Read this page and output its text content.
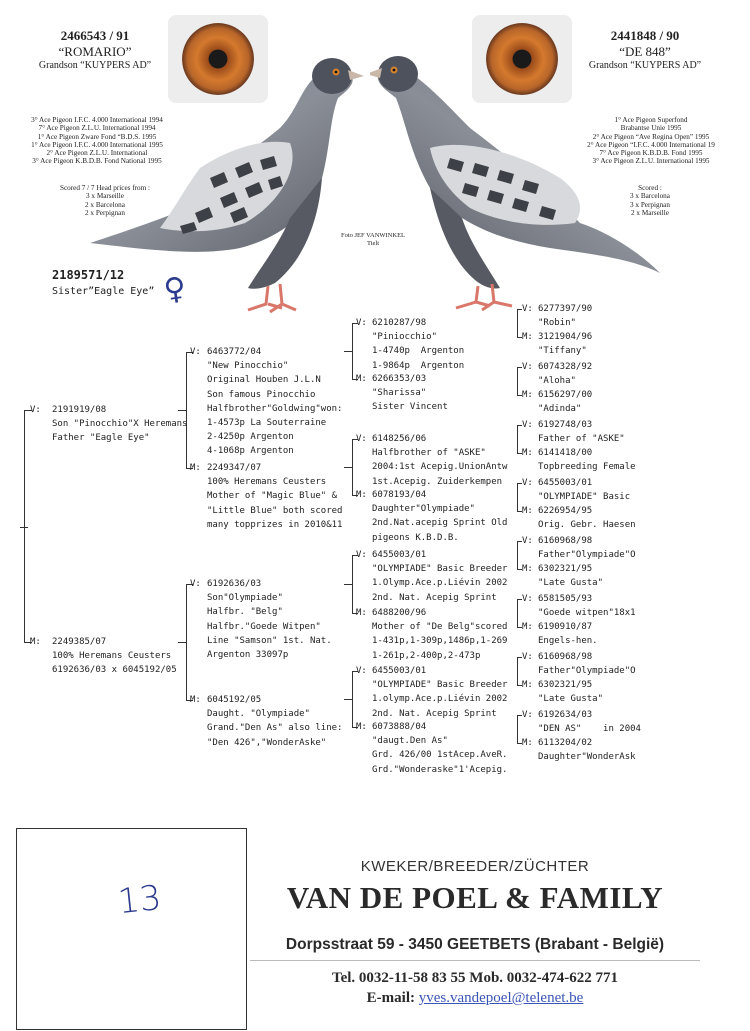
2466543 / 91
“ROMARIO”
Grandson “KUYPERS AD”
3° Ace Pigeon I.F.C. 4.000 International 1994
7° Ace Pigeon Z.L.U. International 1994
1° Ace Pigeon Zware Fond “B.D.S. 1995
1° Ace Pigeon I.F.C. 4.000 International 1995
2° Ace Pigeon Z.L.U. International
3° Ace Pigeon K.B.D.B. Fond National 1995
Scored 7 / 7 Head prices from :
3 x Marseille
2 x Barcelona
2 x Perpignan
2441848 / 90
“DE 848”
Grandson “KUYPERS AD”
1° Ace Pigeon Superfond
Brabantse Unie 1995
2° Ace Pigeon “Ave Regina Open” 1995
2° Ace Pigeon “I.F.C. 4.000 International 19
7° Ace Pigeon K.B.D.B. Fond 1995
3° Ace Pigeon Z.L.U. International 1995
Scored :
3 x Barcelona
3 x Perpignan
2 x Marseille
Foto JEF VANWINKEL
Tielt
2189571/12
Sister”Eagle Eye” ♀
V: 2191919/08
Son "Pinocchio"X Heremans
Father "Eagle Eye"
M: 2249385/07
100% Heremans Ceusters
6192636/03 x 6045192/05
V: 6463772/04
"New Pinocchio"
Original Houben J.L.N
Son famous Pinocchio
Halfbrother"Goldwing"won:
1-4573p La Souterraine
2-4250p Argenton
4-1068p Argenton
M: 2249347/07
100% Heremans Ceusters
Mother of "Magic Blue" &
"Little Blue" both scored
many topprizes in 2010&11
V: 6192636/03
Son"Olympiade"
Halfbr. "Belg"
Halfbr."Goede Witpen"
Line "Samson" 1st. Nat.
Argenton 33097p
M: 6045192/05
Daught. "Olympiade"
Grand."Den As" also line:
"Den 426","WonderAske"
V: 6210287/98
"Piniocchio"
1-4740p  Argenton
1-9864p  Argenton
M: 6266353/03
"Sharissa"
Sister Vincent
V: 6148256/06
Halfbrother of "ASKE"
2004:1st Acepig.UnionAntw
1st.Acepig. Zuiderkempen
M: 6078193/04
Daughter"Olympiade"
2nd.Nat.acepig Sprint Old
pigeons K.B.D.B.
V: 6455003/01
"OLYMPIADE" Basic Breeder
1.Olymp.Ace.p.Liévin 2002
2nd. Nat. Acepig Sprint
M: 6488200/96
Mother of "De Belg"scored
1-431p,1-309p,1486p,1-269
1-261p,2-400p,2-473p
V: 6455003/01
"OLYMPIADE" Basic Breeder
1.olymp.Ace.p.Liévin 2002
2nd. Nat. Acepig Sprint
M: 6073888/04
"daugt.Den As"
Grd. 426/00 1stAcep.AveR.
Grd."Wonderaske"1'Acepig.
V: 6277397/90
"Robin"
M: 3121904/96
"Tiffany"
V: 6074328/92
"Aloha"
M: 6156297/00
"Adinda"
V: 6192748/03
Father of "ASKE"
M: 6141418/00
Topbreeding Female
V: 6455003/01
"OLYMPIADE" Basic
M: 6226954/95
Orig. Gebr. Haesen
V: 6160968/98
Father"Olympiade"O
M: 6302321/95
"Late Gusta"
V: 6581505/93
"Goede witpen"18x1
M: 6190910/87
Engels-hen.
V: 6160968/98
Father"Olympiade"O
M: 6302321/95
"Late Gusta"
V: 6192634/03
"DEN AS"    in 2004
M: 6113204/02
Daughter"WonderAsk
13
KWEKER/BREEDER/ZÜCHTER
VAN DE POEL & FAMILY
Dorpsstraat 59 - 3450 GEETBETS (Brabant - België)
Tel. 0032-11-58 83 55 Mob. 0032-474-622 771
E-mail: yves.vandepoel@telenet.be
